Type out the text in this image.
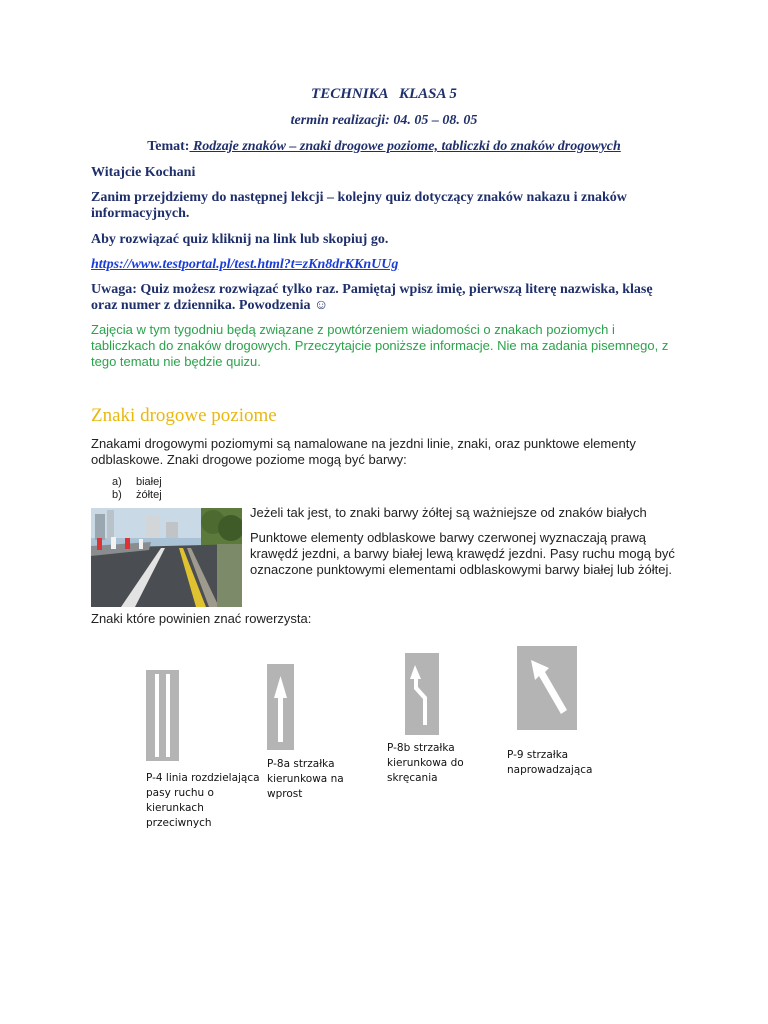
TECHNIKA   KLASA 5
termin realizacji: 04. 05 – 08. 05
Temat: Rodzaje znaków – znaki drogowe poziome, tabliczki do znaków drogowych
Witajcie Kochani
Zanim przejdziemy do następnej lekcji – kolejny quiz dotyczący znaków nakazu i znaków informacyjnych.
Aby rozwiązać quiz kliknij na link lub skopiuj go.
https://www.testportal.pl/test.html?t=zKn8drKKnUUg
Uwaga: Quiz możesz rozwiązać tylko raz. Pamiętaj wpisz imię, pierwszą literę nazwiska, klasę oraz numer z dziennika. Powodzenia ☺
Zajęcia w tym tygodniu będą związane z powtórzeniem wiadomości o znakach poziomych i tabliczkach do znaków drogowych. Przeczytajcie poniższe informacje. Nie ma zadania pisemnego, z tego tematu nie będzie quizu.
Znaki drogowe poziome
Znakami drogowymi poziomymi są namalowane na jezdni linie, znaki, oraz punktowe elementy odblaskowe. Znaki drogowe poziome mogą być barwy:
a) białej
b) żółtej
Jeżeli tak jest, to znaki barwy żółtej są ważniejsze od znaków białych
Punktowe elementy odblaskowe barwy czerwonej wyznaczają prawą krawędź jezdni, a barwy białej lewą krawędź jezdni. Pasy ruchu mogą być oznaczone punktowymi elementami odblaskowymi barwy białej lub żółtej.
Znaki które powinien znać rowerzysta:
P-4 linia rozdzielająca pasy ruchu o kierunkach przeciwnych
P-8a strzałka kierunkowa na wprost
P-8b strzałka kierunkowa do skręcania
P-9 strzałka naprowadzająca
